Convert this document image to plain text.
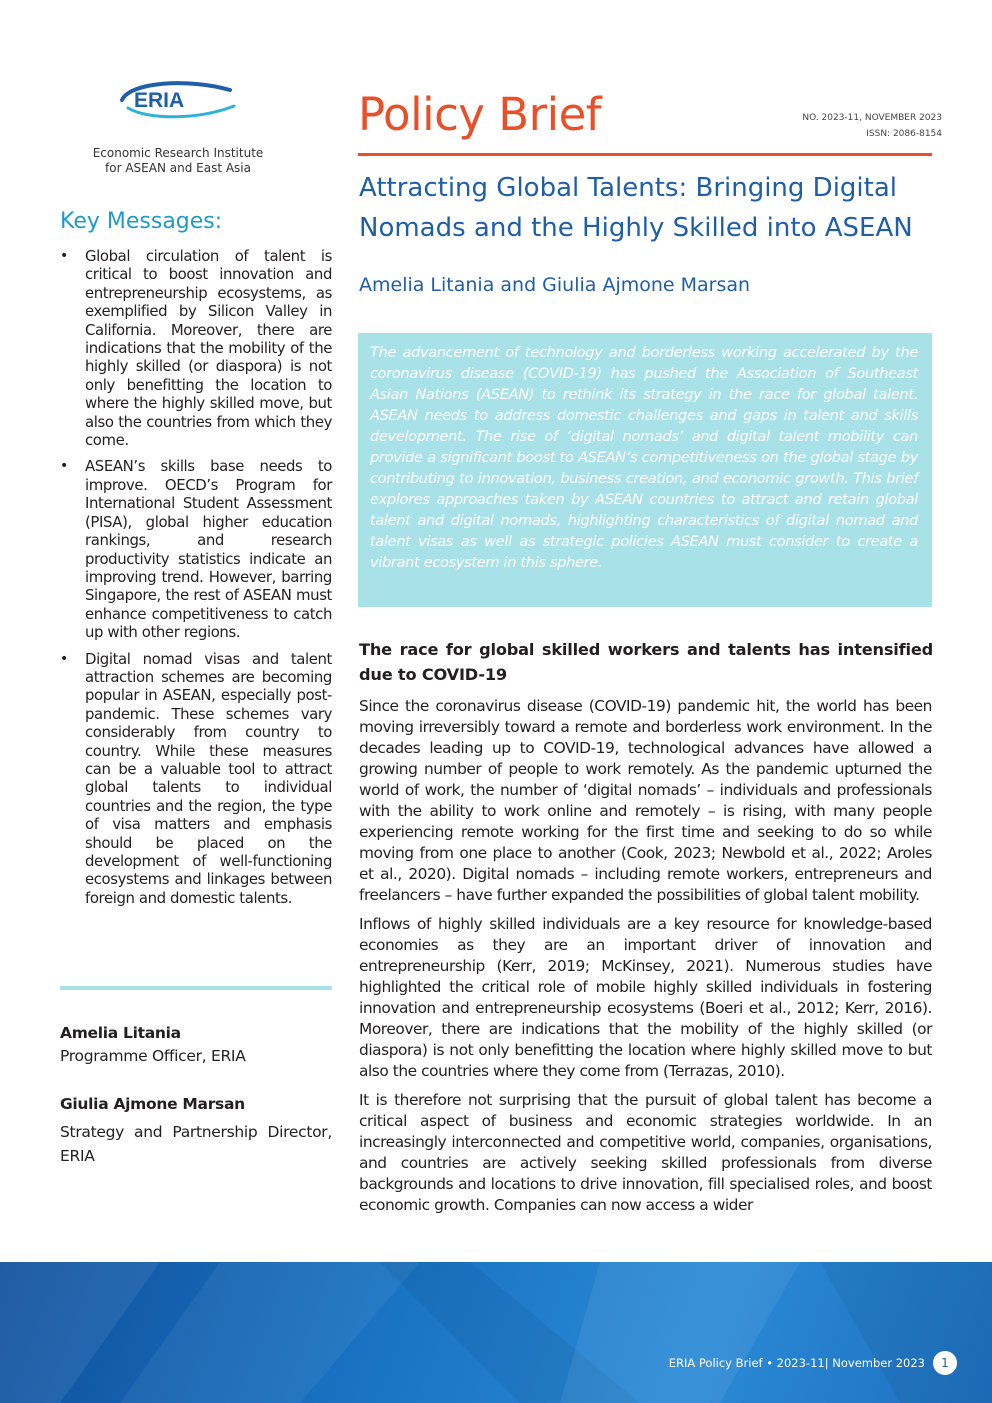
ERIA
Economic Research Institute
for ASEAN and East Asia
Policy Brief	NO. 2023-11, NOVEMBER 2023
ISSN: 2086-8154
Attracting Global Talents: Bringing Digital
Nomads and the Highly Skilled into ASEAN
Amelia Litania and Giulia Ajmone Marsan

The advancement of technology and borderless working accelerated by the coronavirus disease (COVID-19) has pushed the Association of Southeast Asian Nations (ASEAN) to rethink its strategy in the race for global talent. ASEAN needs to address domestic challenges and gaps in talent and skills development. The rise of ‘digital nomads’ and digital talent mobility can provide a significant boost to ASEAN’s competitiveness on the global stage by contributing to innovation, business creation, and economic growth. This brief explores approaches taken by ASEAN countries to attract and retain global talent and digital nomads, highlighting characteristics of digital nomad and talent visas as well as strategic policies ASEAN must consider to create a vibrant ecosystem in this sphere.

Key Messages:
• Global circulation of talent is critical to boost innovation and entrepreneurship ecosystems, as exemplified by Silicon Valley in California. Moreover, there are indications that the mobility of the highly skilled (or diaspora) is not only benefitting the location to where the highly skilled move, but also the countries from which they come.
• ASEAN’s skills base needs to improve. OECD’s Program for International Student Assessment (PISA), global higher education rankings, and research productivity statistics indicate an improving trend. However, barring Singapore, the rest of ASEAN must enhance competitiveness to catch up with other regions.
• Digital nomad visas and talent attraction schemes are becoming popular in ASEAN, especially post-pandemic. These schemes vary considerably from country to country. While these measures can be a valuable tool to attract global talents to individual countries and the region, the type of visa matters and emphasis should be placed on the development of well-functioning ecosystems and linkages between foreign and domestic talents.
Amelia Litania
Programme Officer, ERIA
Giulia Ajmone Marsan
Strategy and Partnership Director, ERIA
The race for global skilled workers and talents has intensified due to COVID-19

Since the coronavirus disease (COVID-19) pandemic hit, the world has been moving irreversibly toward a remote and borderless work environment. In the decades leading up to COVID-19, technological advances have allowed a growing number of people to work remotely. As the pandemic upturned the world of work, the number of ‘digital nomads’ – individuals and professionals with the ability to work online and remotely – is rising, with many people experiencing remote working for the first time and seeking to do so while moving from one place to another (Cook, 2023; Newbold et al., 2022; Aroles et al., 2020). Digital nomads – including remote workers, entrepreneurs and freelancers – have further expanded the possibilities of global talent mobility.

Inflows of highly skilled individuals are a key resource for knowledge-based economies as they are an important driver of innovation and entrepreneurship (Kerr, 2019; McKinsey, 2021). Numerous studies have highlighted the critical role of mobile highly skilled individuals in fostering innovation and entrepreneurship ecosystems (Boeri et al., 2012; Kerr, 2016). Moreover, there are indications that the mobility of the highly skilled (or diaspora) is not only benefitting the location where highly skilled move to but also the countries where they come from (Terrazas, 2010).

It is therefore not surprising that the pursuit of global talent has become a critical aspect of business and economic strategies worldwide. In an increasingly interconnected and competitive world, companies, organisations, and countries are actively seeking skilled professionals from diverse backgrounds and locations to drive innovation, fill specialised roles, and boost economic growth. Companies can now access a wider

ERIA Policy Brief • 2023-11| November 2023	1
